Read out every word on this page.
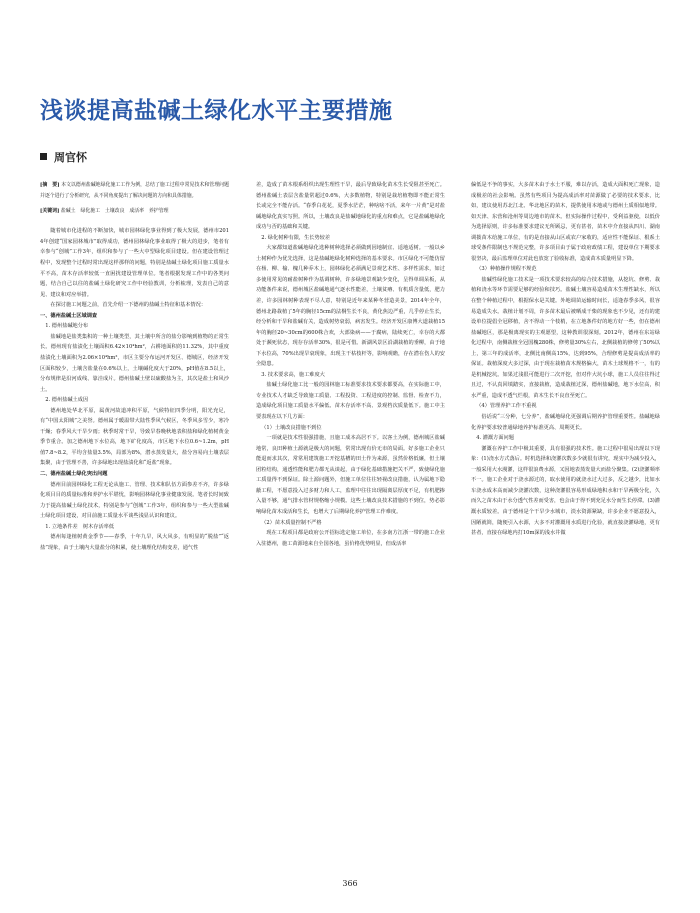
浅谈提高盐碱土绿化水平主要措施
周官怀

[摘　要] 本文以德州盐碱地绿化施工工作为例，总结了施工过程中常见技术和管理问题并逐个进行了分析研究，从不同角度提出了解决问题的方向和具体措施。

[关键词] 盐碱土　绿化施工　土壤改良　成活率　养护管理

随着城市化进程的不断加快，城市园林绿化事业得到了极大发展，德州市2014年创建“国家园林城市”取得成功，德州园林绿化事业取得了极大的进步，笔者有幸参与“创城”工作3年，组织和参与了一些大中型绿化项目建设。但在建设管理过程中，发现整个过程时常出现这样那样的问题，特别是盐碱土绿化项目施工质量水平不高，苗木存活率较低一直困扰建设管理单位。笔者根据发现工作中的各类问题，结合自己以往的盐碱土绿化研究工作中经验教训，分析梳理，发表自己的意见、建议和对应举措。

在探讨施工问题之前，首先介绍一下德州的盐碱土特征和基本情况：

一、德州盐碱土区域调查

1. 德州盐碱地分布

盐碱地是盐类集积的一种土壤类型，其土壤中所含的盐分影响到植物的正常生长。德州现有盐渍化土壤面积6.42×10⁴hm²，占耕地面积的11.32%，其中重度盐渍化土壤面积为2.06×10⁴hm²，市区主要分布运河开发区、德城区，经济开发区面积较少，土壤含盐量在0.6%以上，土壤碱化度大于20%，pH值在8.5以上，分布规律是沿河成线、靠洼成片。德州盐碱土壁以硫酸盐为主，其次是盐土和风沙土。

2. 德州盐碱土成因

德州地处华北平原，属黄河故道冲积平原，气候特征四季分明，阳光充足，有“中国太阳城”之美誉。德州属于暖温带大陆性季风气候区，冬季风多雪少，寒冷干燥；春季风大干旱少雨；秋季时常干旱，导致旱春晚秋地表积盐和绿化植树黄金季节重合。加之德州地下水位高，地下矿化度高，市区地下水位0.6~1.2m，pH值7.8~8.2，平均含盐量3.5%，局部为8%，潜水蒸发量大，盐分容易向土壤表层集聚，由于管理不善，许多绿地出现盐渍化和“返盐”现象。

二、德州盐碱土绿化突出问题

德州目前园林绿化工程无论从施工、管理、技术和队伍方面参差不齐，许多绿化项目目的质量标准和养护水平堪忧，影响园林绿化事业健康发展。笔者长时间致力于提高盐碱土绿化技术，特别是参与“创城”工作3年，组织和参与一些大型盐碱土绿化项目建设，对目前施工质量水平谈些浅显认识和建议。

1. 立地条件差　树木存活率低

德州每逢植树黄金季节——春季，十年九旱，风大风多，有明显的“脱盐”“返盐”现象，由于土壤内大量盐分的积累，使土壤理化结构变差，通气性

差，造成了苗木根系组织出现生理性干旱，最后导致绿化苗木生长受阻甚至死亡。德州盐碱土表层含盐量常超过0.6%，大多数植物，特别是栽培植物即不能正常生长或完全不能存活。“春季白花花，夏季水茫茫，种啥啥不活，来年一片黄”是对盐碱地绿化真实写照。所以，土壤改良是盐碱地绿化的重点和难点，它是盐碱地绿化成功与否的基础和关键。

2. 绿化树种有限，生长势较差

大家都知道盐碱地绿化选种树种选择必须做到因地制宜、适地适树。一般以乡土树种作为优先选择，这是盐碱地绿化树种选择的基本要求。市区绿化不可能仿留在杨、柳、榆、槐几种乔木上，园林绿化必须满足景观艺术性、多样性需求，如过多使用常见的耐盐树种作为基调树种，许多绿地景观缺少变化，呈得单调呆板，从功能条件来说，德州城区盐碱地通气逐水性能差，土壤贫瘠、有机质含量低，肥力差，许多园林树种表现不尽人意，特别是近年来某种冬营造美景，2014年全年，德州北路栽植了5年的胸径15cm的法桐生长不良，黄化焦边严重，几乎停止生长，经分析和干旱和盐碱有关，造成树势衰弱，病害发生。经济开发区康博大道栽植15年的胸径20~30cm的600株合欢，大部染病——于腐病，陆续死亡，幸存的大都处于濒死状态，现存存活率30%，很是可惜。新湖风景区沿湖栽植的垂柳，由于地下水位高，70%出现旱衰现象，出现主干枯枝杆等，影响观瞻，存在潜在伤人的安全隐患。

3. 技术要求高，施工难度大

盐碱土绿化施工比一般的园林施工标准要求技术要求都要高，在实际施工中，专业技术人才缺乏导致施工质量、工程投资、工程进度的控制、监督、检查不力，造成绿化项目施工质量水平偏低、苗木存活率不高、景观档次质量低下。施工中主要表现在以下几方面：

（1）土壤改良措施不到位

一项就是技术性很强措施，且施工成本高居不下。以客土为例，德州城区盐碱地常，良田种植土源就是极大的问题，常常出现有价无市的局面。好多施工企业只能退而求其次，常常用建筑施工开挖基槽的田土作为来源，虽然价格低廉，但土壤团粒结构，通透性能和肥力都无从谈起，由于绿化基础措施把关不严，致使绿化施工质量得不到保证。除土源问题外，但施工单位往往轻视改良措施，认为属地下隐蔽工程，不愿意投入过多财力和人工，监理中往往出现隔离层厚度不足，有机肥掺入量不够，通气排水管材规格缩小规模。这些土壤改良技术措施的不到位，势必影响绿化苗木成活和生长，也增大了后期绿化养护管理工作难度。

（2）苗木质量控制不严格

现在工程项目都是政府公开招标选定施工单位，在多南方江浙一带的施工企业入驻德州，施工苗源地来自全国各地，虽价格优势明显，但成活率

偏低是不争的事实，大多苗木由于水土不服，难以存活，造成大面积死亡现象，造成极差的社会影响。虽然有些项目为提高成活率对苗源做了必要的技术要求，比如，建议使用苏北江北、华北地区的苗木，提供使用本地或与德州土质相似地带。如天津、东营和沧州等周边地市的苗木。但实际操作过程中，受利益驱使，以低价为选择原则，许多标准要求建议无所顾忌，更有甚者，苗木中介直接从四川、湖南调拨苗木给施工单位，有的是直接从山区或农户家收的，适应性不能保证、根系土球受条件限制也不规范完整，许多项目由于属于政府政绩工程，建设单位下期要求很坚决，最后监理单位对此也放宽了验收标准，造成苗木质量明显下降。

（3）种植操作规程不规范

盐碱性绿化施工技术是一项技术要求较高的综合技术措施，从挖坑、修剪、栽植和浇水等环节需要足够的经验和技巧。盐碱土壤容易造成苗木生理性缺水，所以在整个种植过程中，根据保水是关键。外地调苗运输时间长，适逢春季多风，很容易造成失水。栽植计划不周，许多苗木最后被晒成干柴的现象也不少见，还有的建设单位提倡全冠移植，舍不得动一个枝梢，在立地条件好的地方好一些，但在德州盐碱地区，那是极离现实的主观愿望，这种教训很深刻。2012年，德州在东站绿化过程中，南侧栽植全冠国槐280株，修剪量30%左右，北侧栽植的修剪了50%以上，第三年的成活率，北侧比南侧高15%，达到95%，合理修剪是提高成活率的保证。栽植深度大多过深，由于现在栽植苗木规格偏大，苗木土球规格不一，有的是机械挖坑。如果过浅很可能进行二次开挖，但对作大坑小球，施工人员往往得过且过，不认真回填踏实，直接栽植，造成栽植过深，德州盐碱地，地下水位高，积水严重，造成不透气烂根，苗木生长不良直至死亡。

（4）管理养护工作不重视

俗话说“三分种，七分养”，盐碱地绿化更强调后期养护管理重要性。盐碱地绿化养护要求较普通绿地养护标准更高、周期更长。

4. 灌溉方面问题

灌溉在养护工作中极其重要，具有很强的技术性。施工过程中很易出现以下现象：(1)浇水方式落后。时机选择和浇灌次数多少就很有讲究，现实中为减少投入，一般采用大水漫灌，这样很浪费水源，又因地表蒸发量大而盐分聚集。(2)浇灌频率不一。施工企业对于浇水源过的，取水使用的就浇水过大过多，反之越少，比如水车浇水成本高而减少浇灌次数，这种浇灌很容易形成绿地积水和干旱两极分化，久而久之苗木由于水分透气性差而受害，也会由于得不到充足水分而生长停滞。(3)灌溉水质较差。由于德州是个干旱少水城市，淡水资源紧缺，许多企业不愿意投入，因陋就简，随便引入水源，大多不对灌溉用水质进行化验，就直接浇灌绿地，更有甚者，直接在绿地内打10m深的浅水井做

366
